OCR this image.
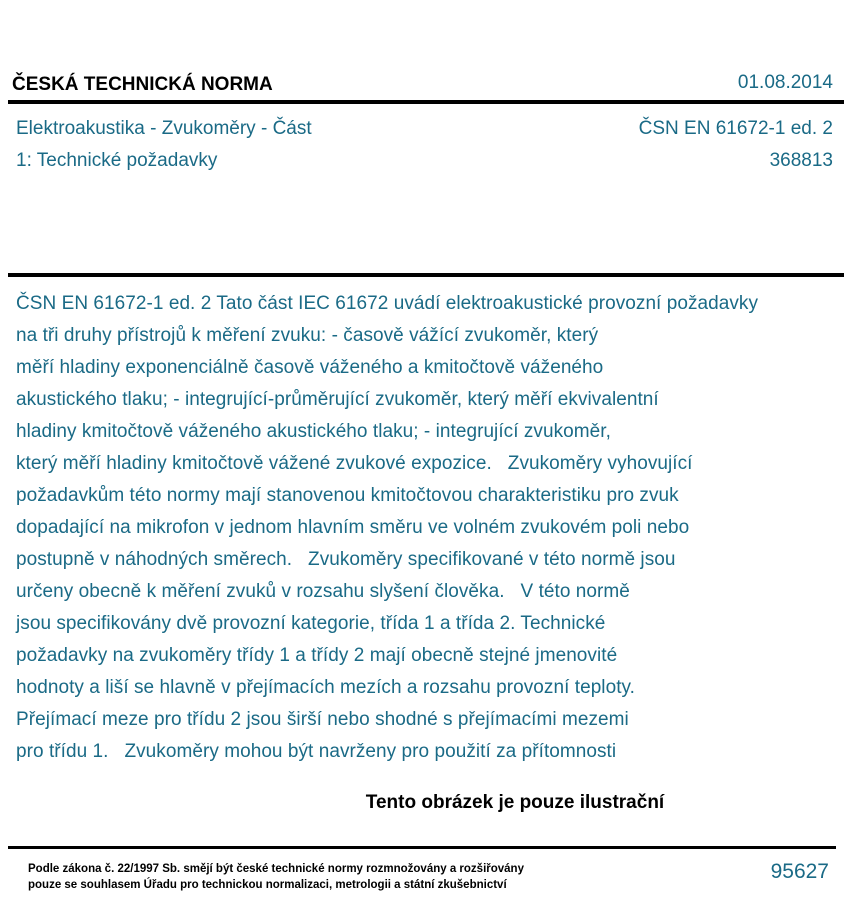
ČESKÁ TECHNICKÁ NORMA	01.08.2014
Elektroakustika - Zvukoměry - Část	ČSN EN 61672-1 ed. 2
1: Technické požadavky	368813
ČSN EN 61672-1 ed. 2 Tato část IEC 61672 uvádí elektroakustické provozní požadavky
na tři druhy přístrojů k měření zvuku: - časově vážící zvukoměr, který
měří hladiny exponenciálně časově váženého a kmitočtově váženého
akustického tlaku; - integrující-průměrující zvukoměr, který měří ekvivalentní
hladiny kmitočtově váženého akustického tlaku; - integrující zvukoměr,
který měří hladiny kmitočtově vážené zvukové expozice.   Zvukoměry vyhovující
požadavkům této normy mají stanovenou kmitočtovou charakteristiku pro zvuk
dopadající na mikrofon v jednom hlavním směru ve volném zvukovém poli nebo
postupně v náhodných směrech.   Zvukoměry specifikované v této normě jsou
určeny obecně k měření zvuků v rozsahu slyšení člověka.   V této normě
jsou specifikovány dvě provozní kategorie, třída 1 a třída 2. Technické
požadavky na zvukoměry třídy 1 a třídy 2 mají obecně stejné jmenovité
hodnoty a liší se hlavně v přejímacích mezích a rozsahu provozní teploty.
Přejímací meze pro třídu 2 jsou širší nebo shodné s přejímacími mezemi
pro třídu 1.   Zvukoměry mohou být navrženy pro použití za přítomnosti
Tento obrázek je pouze ilustrační
Podle zákona č. 22/1997 Sb. smějí být české technické normy rozmnožovány a rozšiřovány
pouze se souhlasem Úřadu pro technickou normalizaci, metrologii a státní zkušebnictví
95627
